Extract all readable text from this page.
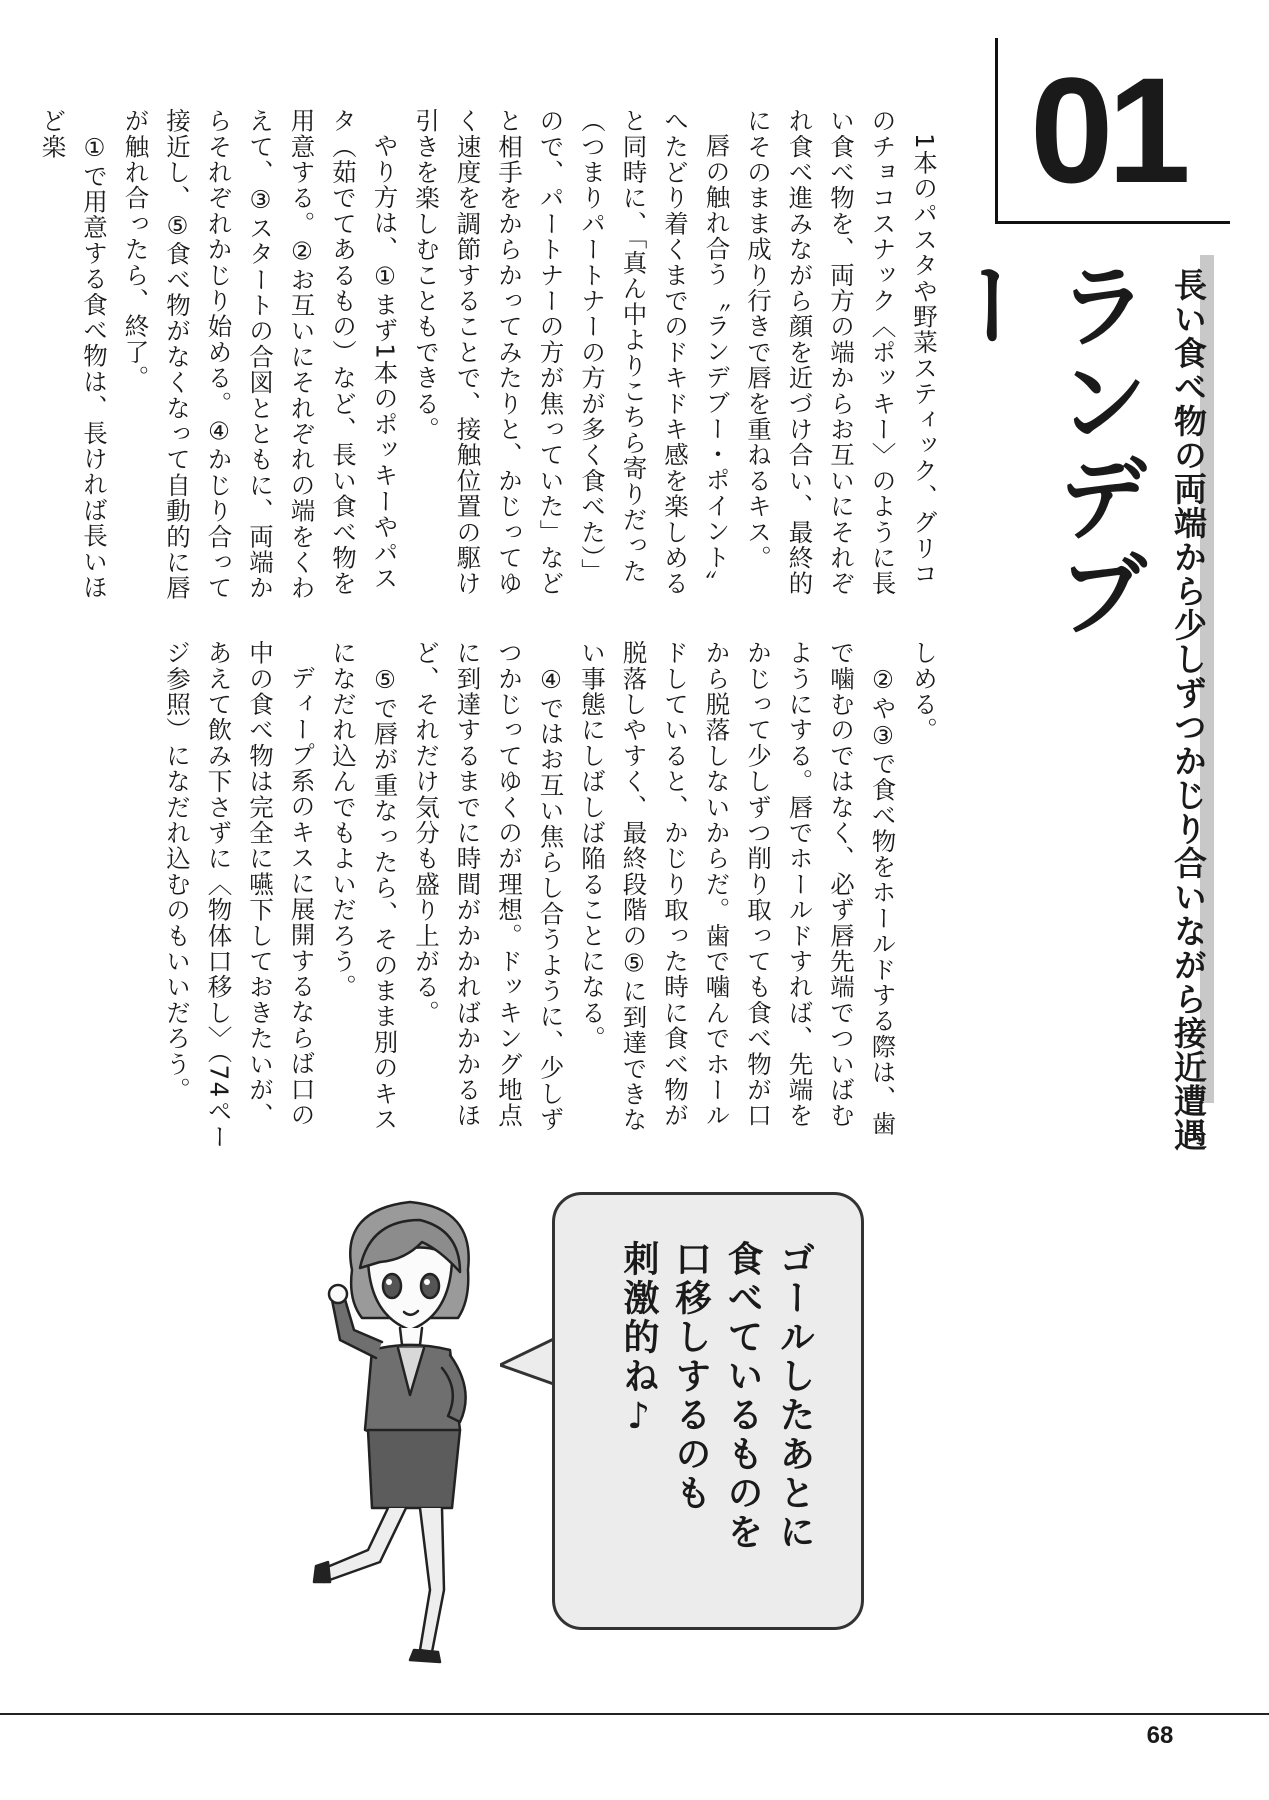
01
ランデブー	長い食べ物の両端から少しずつかじり合いながら接近遭遇

1本のパスタや野菜スティック、グリコのチョコスナック〈ポッキー〉のように長い食べ物を、両方の端からお互いにそれぞれ食べ進みながら顔を近づけ合い、最終的にそのまま成り行きで唇を重ねるキス。

唇の触れ合う〝ランデブー・ポイント〟へたどり着くまでのドキドキ感を楽しめると同時に、「真ん中よりこちら寄りだった（つまりパートナーの方が多く食べた）」ので、パートナーの方が焦っていた」などと相手をからかってみたりと、かじってゆく速度を調節することで、接触位置の駆け引きを楽しむこともできる。

やり方は、①まず1本のポッキーやパスタ（茹でてあるもの）など、長い食べ物を用意する。②お互いにそれぞれの端をくわえて、③スタートの合図とともに、両端からそれぞれかじり始める。④かじり合って接近し、⑤食べ物がなくなって自動的に唇が触れ合ったら、終了。

①で用意する食べ物は、長ければ長いほど楽

しめる。

②や③で食べ物をホールドする際は、歯で噛むのではなく、必ず唇先端でついばむようにする。唇でホールドすれば、先端をかじって少しずつ削り取っても食べ物が口から脱落しないからだ。歯で噛んでホールドしていると、かじり取った時に食べ物が脱落しやすく、最終段階の⑤に到達できない事態にしばしば陥ることになる。

④ではお互い焦らし合うように、少しずつかじってゆくのが理想。ドッキング地点に到達するまでに時間がかかればかかるほど、それだけ気分も盛り上がる。

⑤で唇が重なったら、そのまま別のキスになだれ込んでもよいだろう。

ディープ系のキスに展開するならば口の中の食べ物は完全に嚥下しておきたいが、あえて飲み下さずに〈物体口移し〉（74ページ参照）になだれ込むのもいいだろう。

ゴールしたあとに
食べているものを
口移しするのも
刺激的ね♪
68
